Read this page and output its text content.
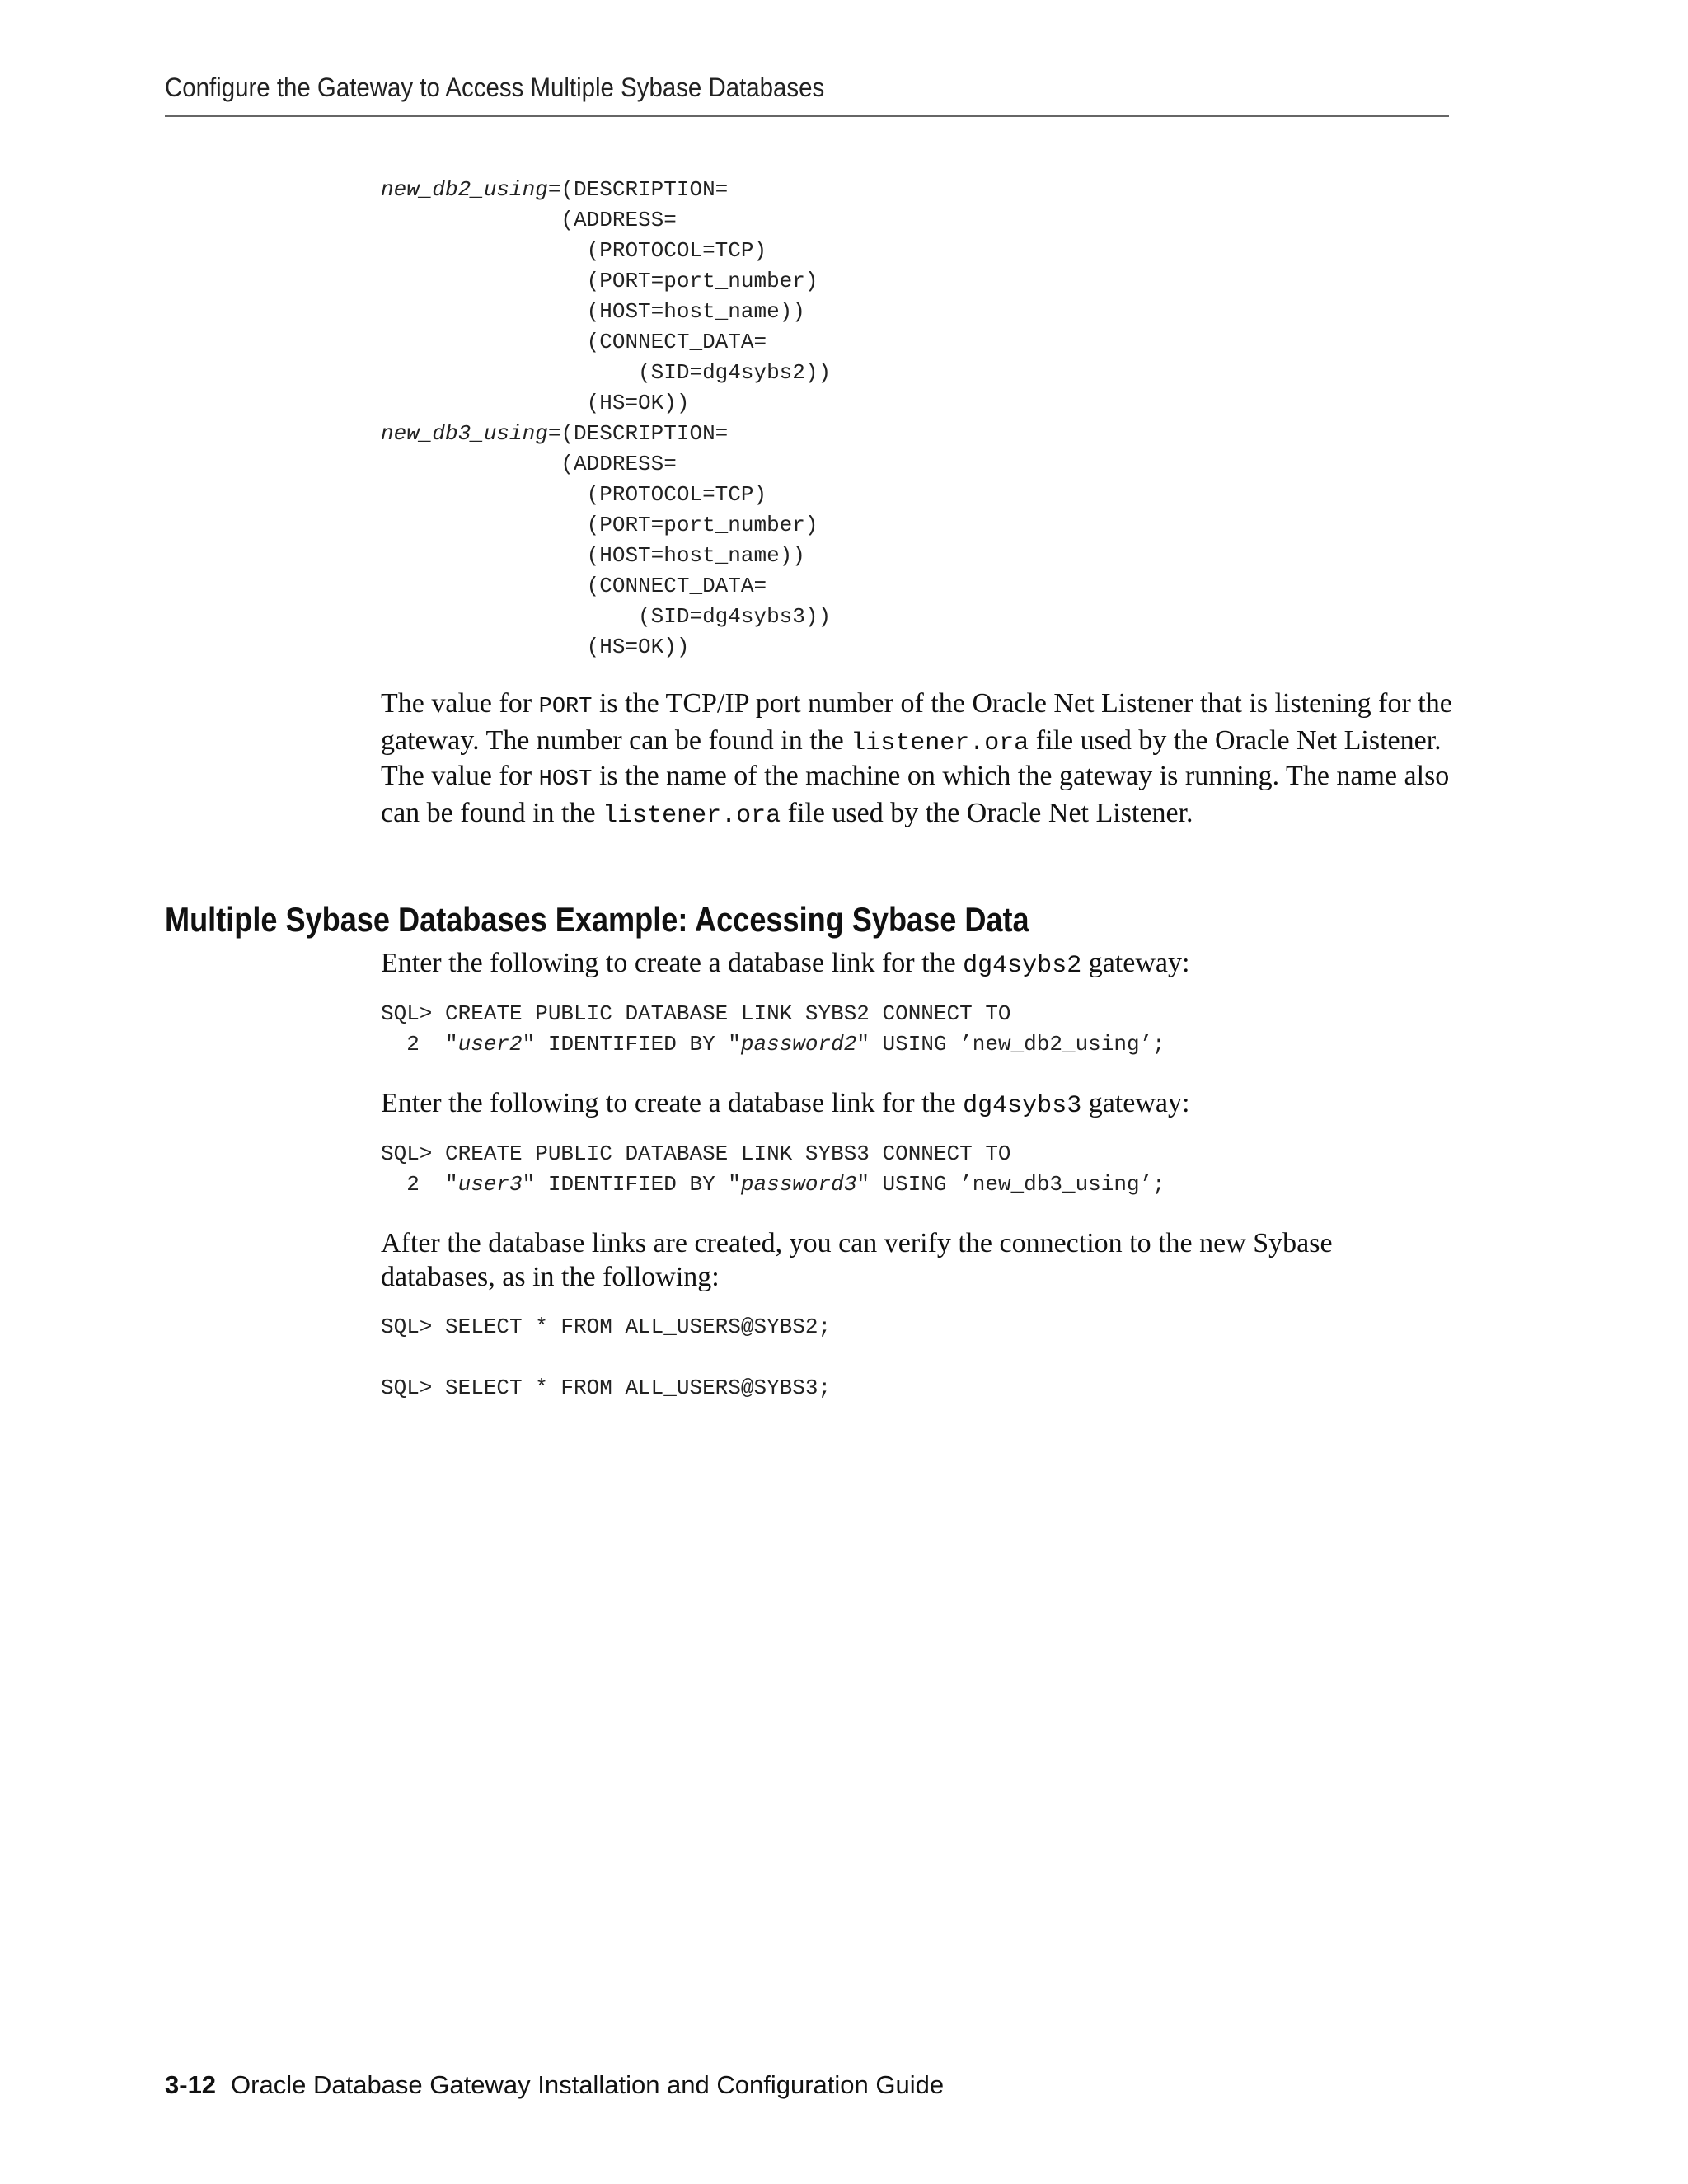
Configure the Gateway to Access Multiple Sybase Databases
new_db2_using=(DESCRIPTION=
(ADDRESS=
(PROTOCOL=TCP)
(PORT=port_number)
(HOST=host_name))
(CONNECT_DATA=
(SID=dg4sybs2))
(HS=OK))
new_db3_using=(DESCRIPTION=
(ADDRESS=
(PROTOCOL=TCP)
(PORT=port_number)
(HOST=host_name))
(CONNECT_DATA=
(SID=dg4sybs3))
(HS=OK))

The value for PORT is the TCP/IP port number of the Oracle Net Listener that is listening for the gateway. The number can be found in the listener.ora file used by the Oracle Net Listener. The value for HOST is the name of the machine on which the gateway is running. The name also can be found in the listener.ora file used by the Oracle Net Listener.

Multiple Sybase Databases Example: Accessing Sybase Data

Enter the following to create a database link for the dg4sybs2 gateway:

SQL> CREATE PUBLIC DATABASE LINK SYBS2 CONNECT TO
2  "user2" IDENTIFIED BY "password2" USING ’new_db2_using’;

Enter the following to create a database link for the dg4sybs3 gateway:

SQL> CREATE PUBLIC DATABASE LINK SYBS3 CONNECT TO
2  "user3" IDENTIFIED BY "password3" USING ’new_db3_using’;

After the database links are created, you can verify the connection to the new Sybase databases, as in the following:

SQL> SELECT * FROM ALL_USERS@SYBS2;

SQL> SELECT * FROM ALL_USERS@SYBS3;
3-12 Oracle Database Gateway Installation and Configuration Guide
